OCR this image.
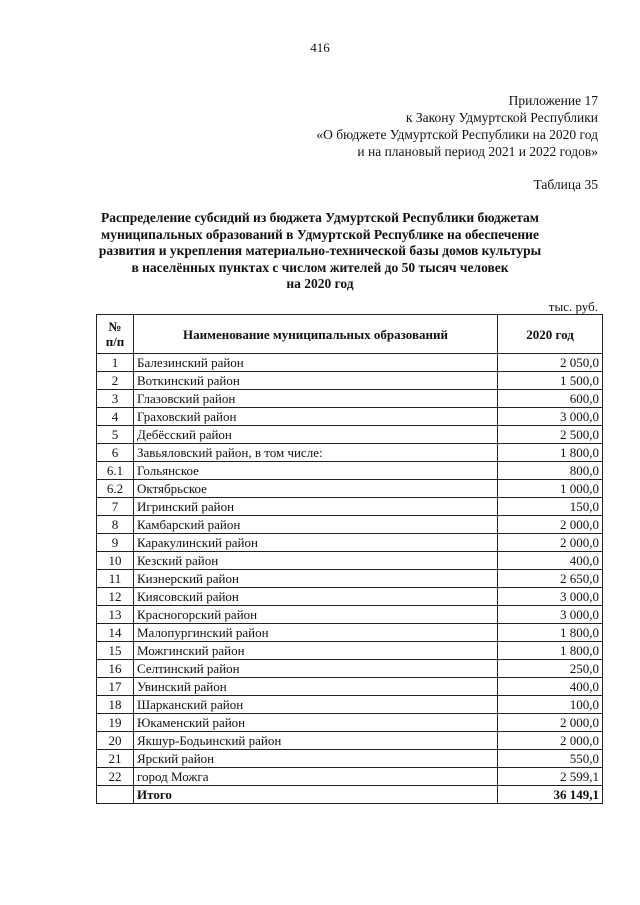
416
Приложение 17
к Закону Удмуртской Республики
«О бюджете Удмуртской Республики на 2020 год
и на плановый период 2021 и 2022 годов»
Таблица 35
Распределение субсидий из бюджета Удмуртской Республики бюджетам
муниципальных образований в Удмуртской Республике на обеспечение
развития и укрепления материально-технической базы домов культуры
в населённых пунктах с числом жителей до 50 тысяч человек
на 2020 год
тыс. руб.
№
п/п	Наименование муниципальных образований	2020 год
1	Балезинский район	2 050,0
2	Воткинский район	1 500,0
3	Глазовский район	600,0
4	Граховский район	3 000,0
5	Дебёсский район	2 500,0
6	Завьяловский район, в том числе:	1 800,0
6.1	Гольянское	800,0
6.2	Октябрьское	1 000,0
7	Игринский район	150,0
8	Камбарский район	2 000,0
9	Каракулинский район	2 000,0
10	Кезский район	400,0
11	Кизнерский район	2 650,0
12	Киясовский район	3 000,0
13	Красногорский район	3 000,0
14	Малопургинский район	1 800,0
15	Можгинский район	1 800,0
16	Селтинский район	250,0
17	Увинский район	400,0
18	Шарканский район	100,0
19	Юкаменский район	2 000,0
20	Якшур-Бодьинский район	2 000,0
21	Ярский район	550,0
22	город Можга	2 599,1
	Итого	36 149,1
